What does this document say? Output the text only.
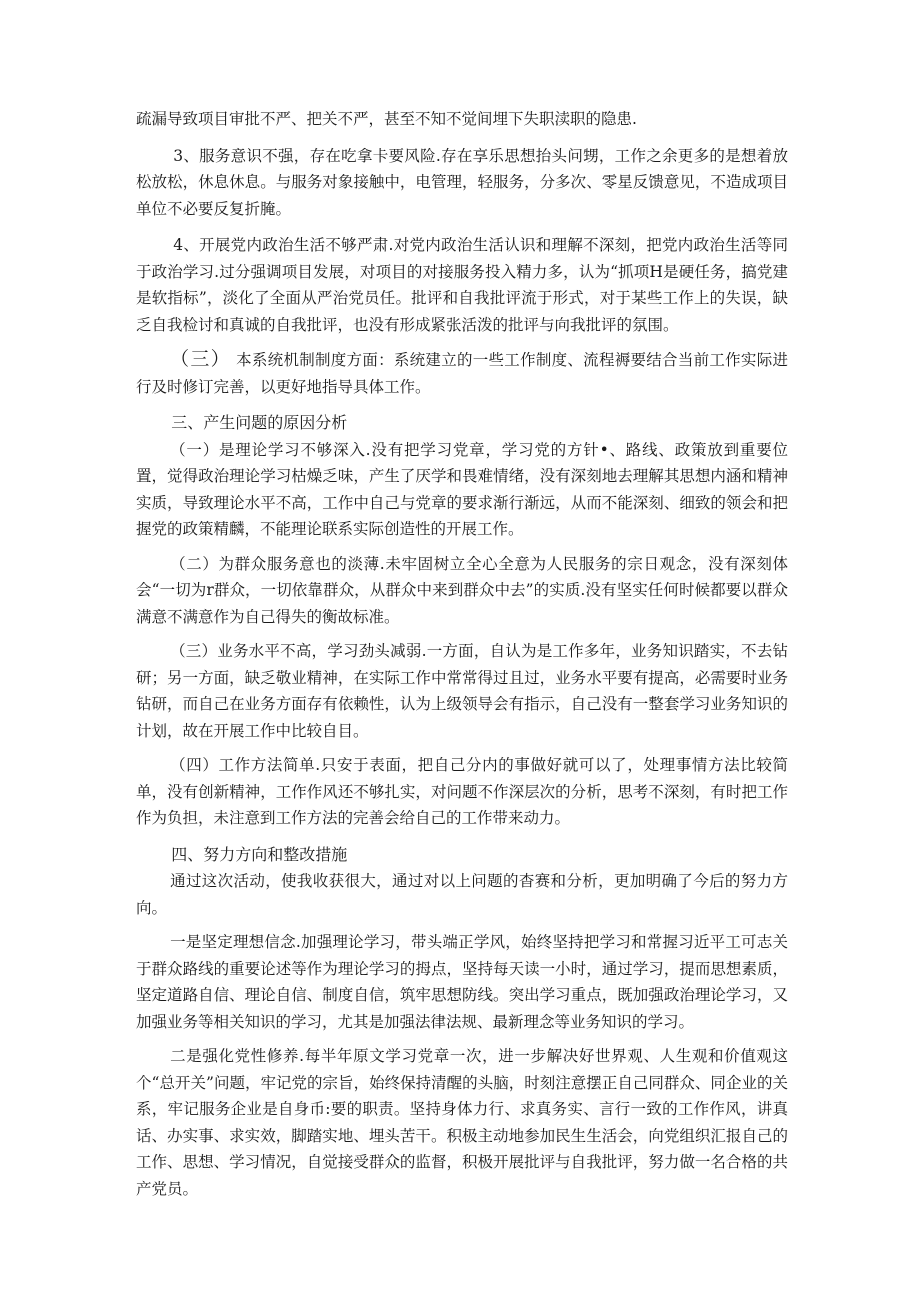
疏漏导致项目审批不严、把关不严，甚至不知不觉间埋下失职渎职的隐患.

3、服务意识不强，存在吃拿卡要风险.存在享乐思想抬头问甥，工作之余更多的是想着放松放松，休息休息。与服务对象接触中，电管理，轻服务，分多次、零星反馈意见，不造成项目单位不必要反复折腌。

4、开展党内政治生活不够严肃.对党内政治生活认识和理解不深刻，把党内政治生活等同于政治学习.过分强调项目发展，对项目的对接服务投入精力多，认为“抓项H是硬任务，搞党建是软指标”，淡化了全面从严治党员任。批评和自我批评流于形式，对于某些工作上的失误，缺乏自我检讨和真诚的自我批评，也没有形成紧张活泼的批评与向我批评的氛围。

（三） 本系统机制制度方面：系统建立的一些工作制度、流程褥要结合当前工作实际进行及时修订完善，以更好地指导具体工作。

三、产生问题的原因分析

（一）是理论学习不够深入.没有把学习党章，学习党的方针•、路线、政策放到重要位置，觉得政治理论学习枯燥乏味，产生了厌学和畏难情绪，没有深刻地去理解其思想内涵和精神实质，导致理论水平不高，工作中自己与党章的要求渐行渐远，从而不能深刻、细致的领会和把握党的政策精麟，不能理论联系实际创造性的开展工作。

（二）为群众服务意也的淡薄.未牢固树立全心全意为人民服务的宗日观念，没有深刻体会“一切为r群众，一切依靠群众，从群众中来到群众中去”的实质.没有坚实任何时候都要以群众满意不满意作为自己得失的衡故标准。

（三）业务水平不高，学习劲头减弱.一方面，自认为是工作多年，业务知识踏实，不去钻研；另一方面，缺乏敬业精神，在实际工作中常常得过且过，业务水平要有提高，必需要时业务钻研，而自己在业务方面存有依赖性，认为上级领导会有指示，自己没有一整套学习业务知识的计划，故在开展工作中比较自目。

（四）工作方法简单.只安于表面，把自己分内的事做好就可以了，处理事情方法比较简单，没有创新精神，工作作风还不够扎实，对问题不作深层次的分析，思考不深刻，有时把工作作为负担，未注意到工作方法的完善会给自己的工作带来动力。

四、努力方向和整改措施

通过这次活动，使我收获很大，通过对以上问题的杳赛和分析，更加明确了今后的努力方向。

一是坚定理想信念.加强理论学习，带头端正学风，始终坚持把学习和常握习近平工可志关于群众路线的重要论述等作为理论学习的拇点，坚持每天读一小时，通过学习，提而思想素质，坚定道路自信、理论自信、制度自信，筑牢思想防线。突出学习重点，既加强政治理论学习，又加强业务等相关知识的学习，尤其是加强法律法规、最新理念等业务知识的学习。

二是强化党性修养.每半年原文学习党章一次，进一步解决好世界观、人生观和价值观这个“总开关”问题，牢记党的宗旨，始终保持清醒的头脑，时刻注意摆正自己同群众、同企业的关系，牢记服务企业是自身币:要的职责。坚持身体力行、求真务实、言行一致的工作作风，讲真话、办实事、求实效，脚踏实地、埋头苦干。积极主动地参加民生生活会，向党组织汇报自己的工作、思想、学习情况，自觉接受群众的监督，积极开展批评与自我批评，努力做一名合格的共产党员。
